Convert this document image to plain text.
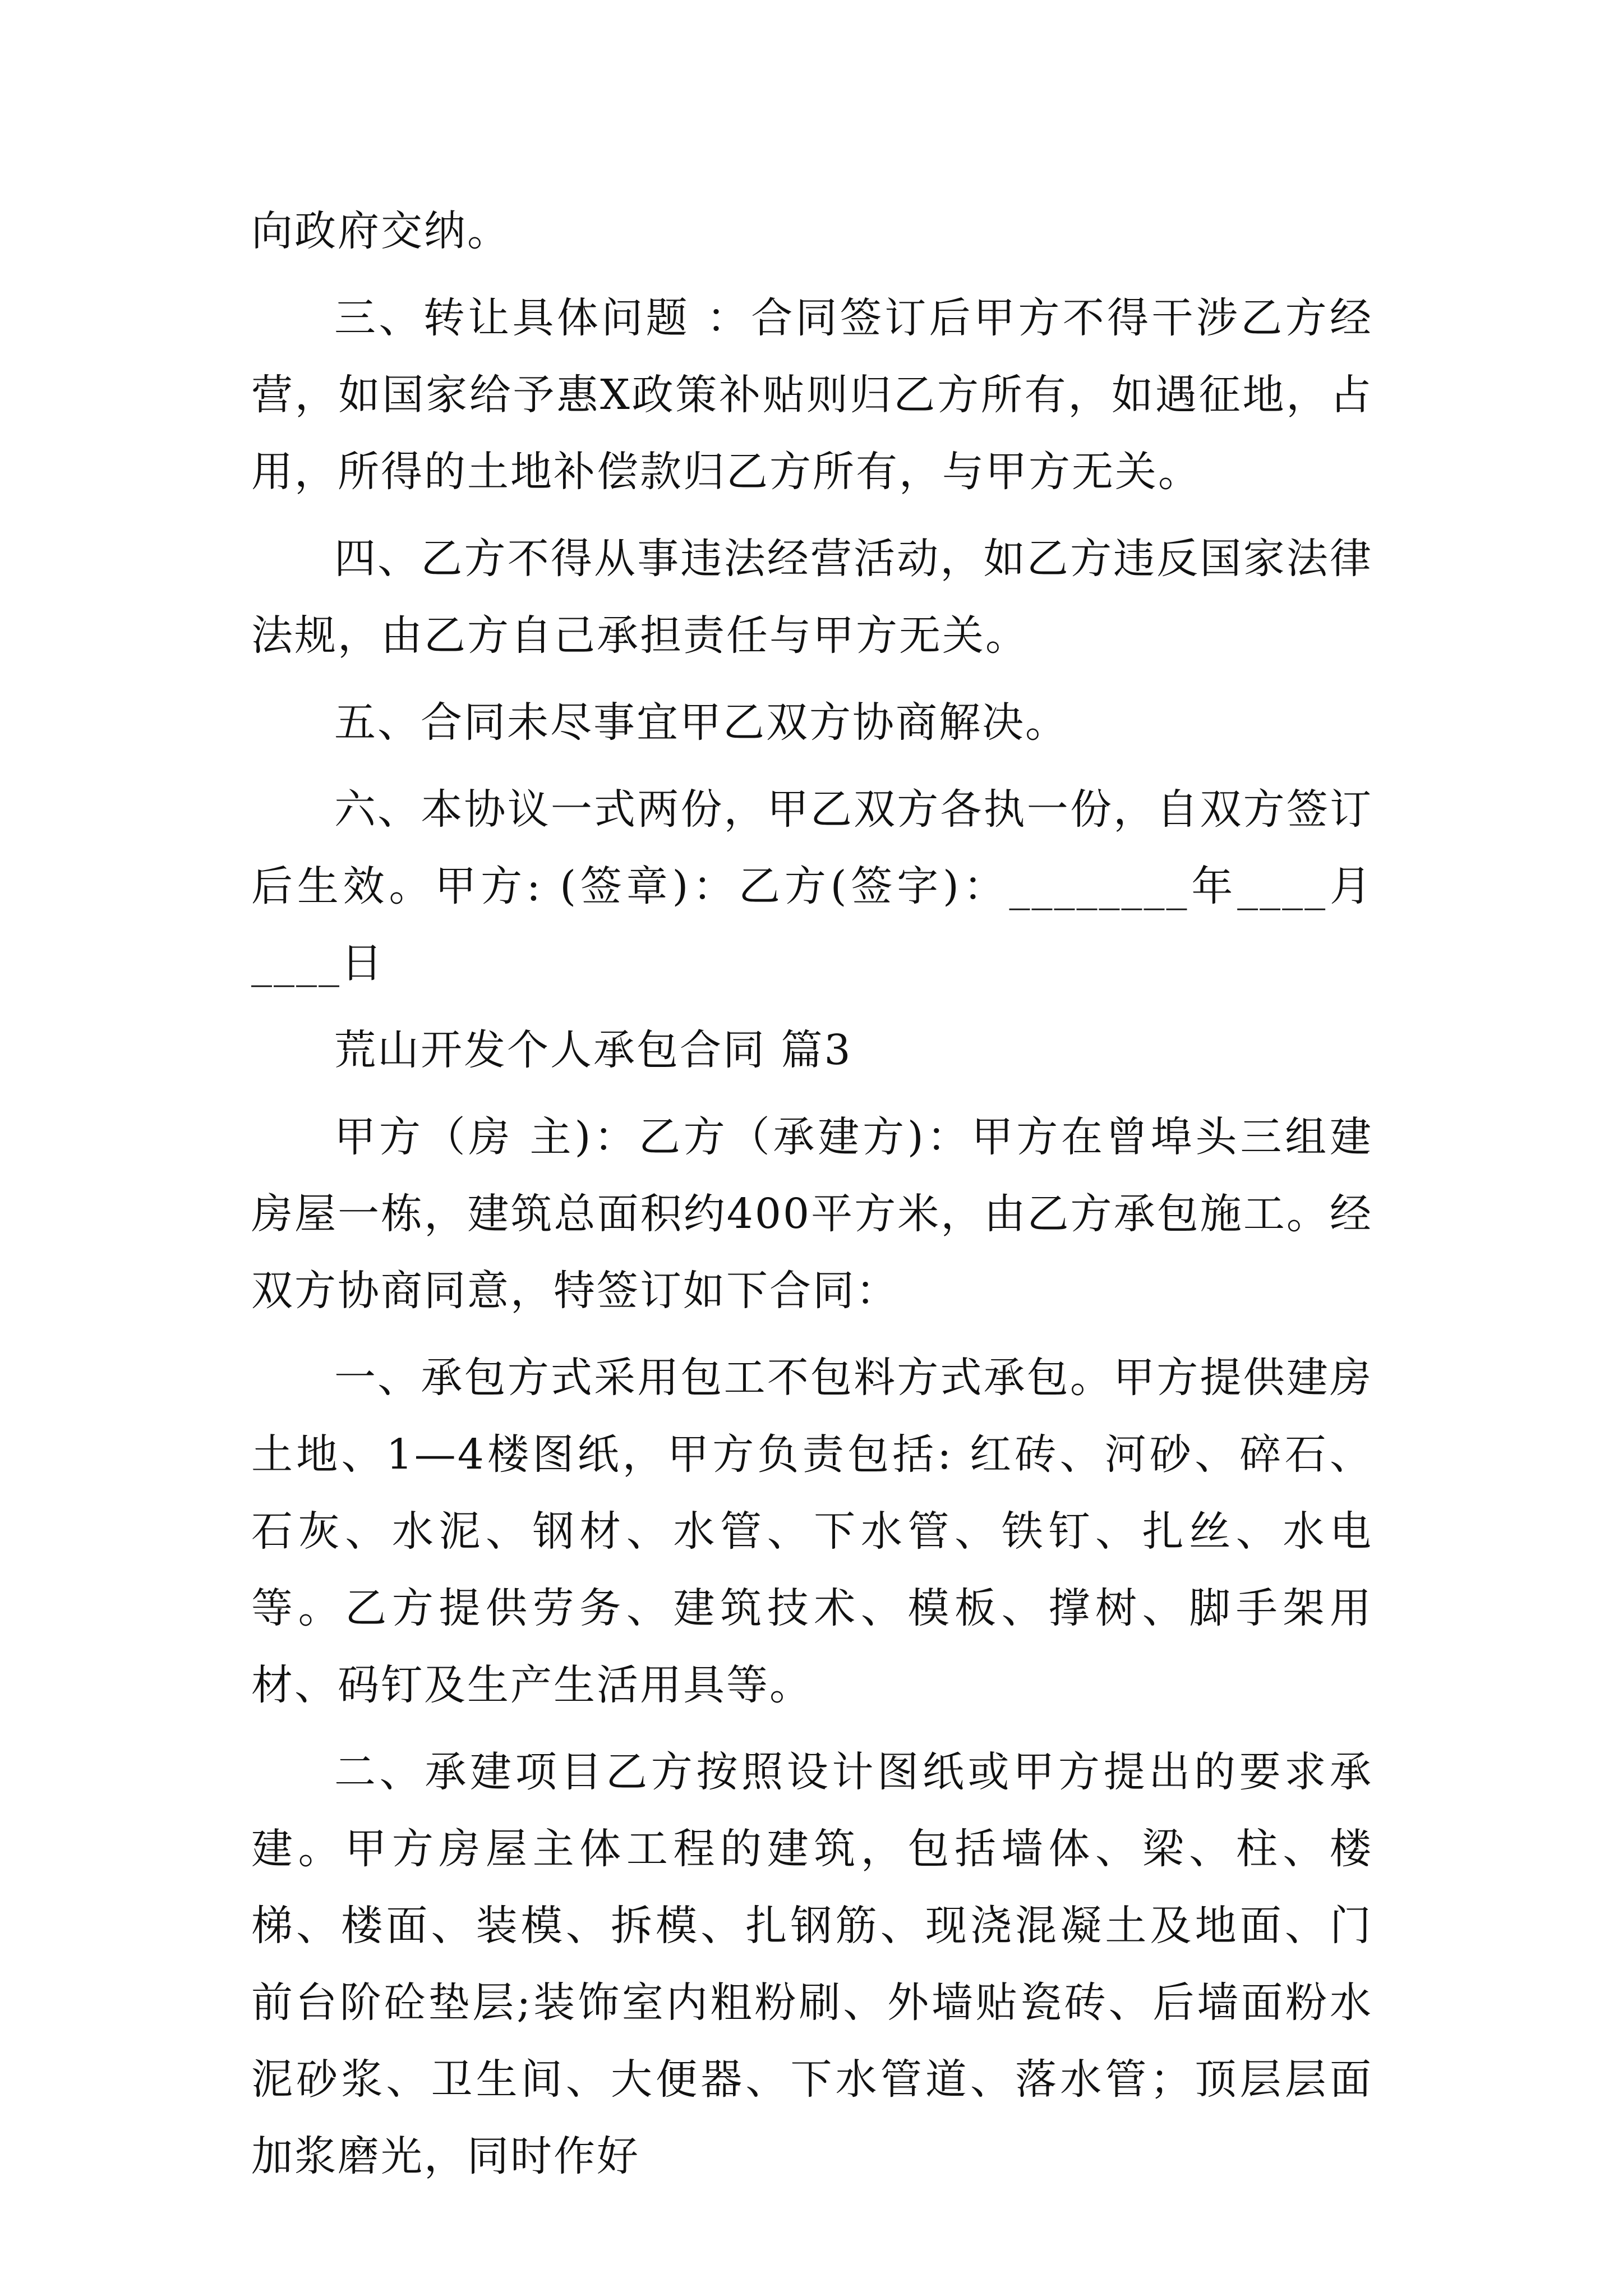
向政府交纳。

三、转让具体问题 ：合同签订后甲方不得干涉乙方经营，如国家给予惠X政策补贴则归乙方所有，如遇征地，占用，所得的土地补偿款归乙方所有，与甲方无关。

四、乙方不得从事违法经营活动，如乙方违反国家法律法规，由乙方自己承担责任与甲方无关。

五、合同未尽事宜甲乙双方协商解决。

六、本协议一式两份，甲乙双方各执一份，自双方签订后生效。甲方: (签章)：乙方(签字)：________年____月____日

荒山开发个人承包合同 篇3

甲方（房 主)：乙方（承建方)：甲方在曾埠头三组建房屋一栋，建筑总面积约400平方米，由乙方承包施工。经双方协商同意，特签订如下合同：

一、承包方式采用包工不包料方式承包。甲方提供建房土地、1—4楼图纸，甲方负责包括: 红砖、河砂、碎石、石灰、水泥、钢材、水管、下水管、铁钉、扎丝、水电等。乙方提供劳务、建筑技术、模板、撑树、脚手架用材、码钉及生产生活用具等。

二、承建项目乙方按照设计图纸或甲方提出的要求承建。甲方房屋主体工程的建筑，包括墙体、梁、柱、楼梯、楼面、装模、拆模、扎钢筋、现浇混凝土及地面、门前台阶砼垫层;装饰室内粗粉刷、外墙贴瓷砖、后墙面粉水泥砂浆、卫生间、大便器、下水管道、落水管；顶层层面加浆磨光，同时作好
